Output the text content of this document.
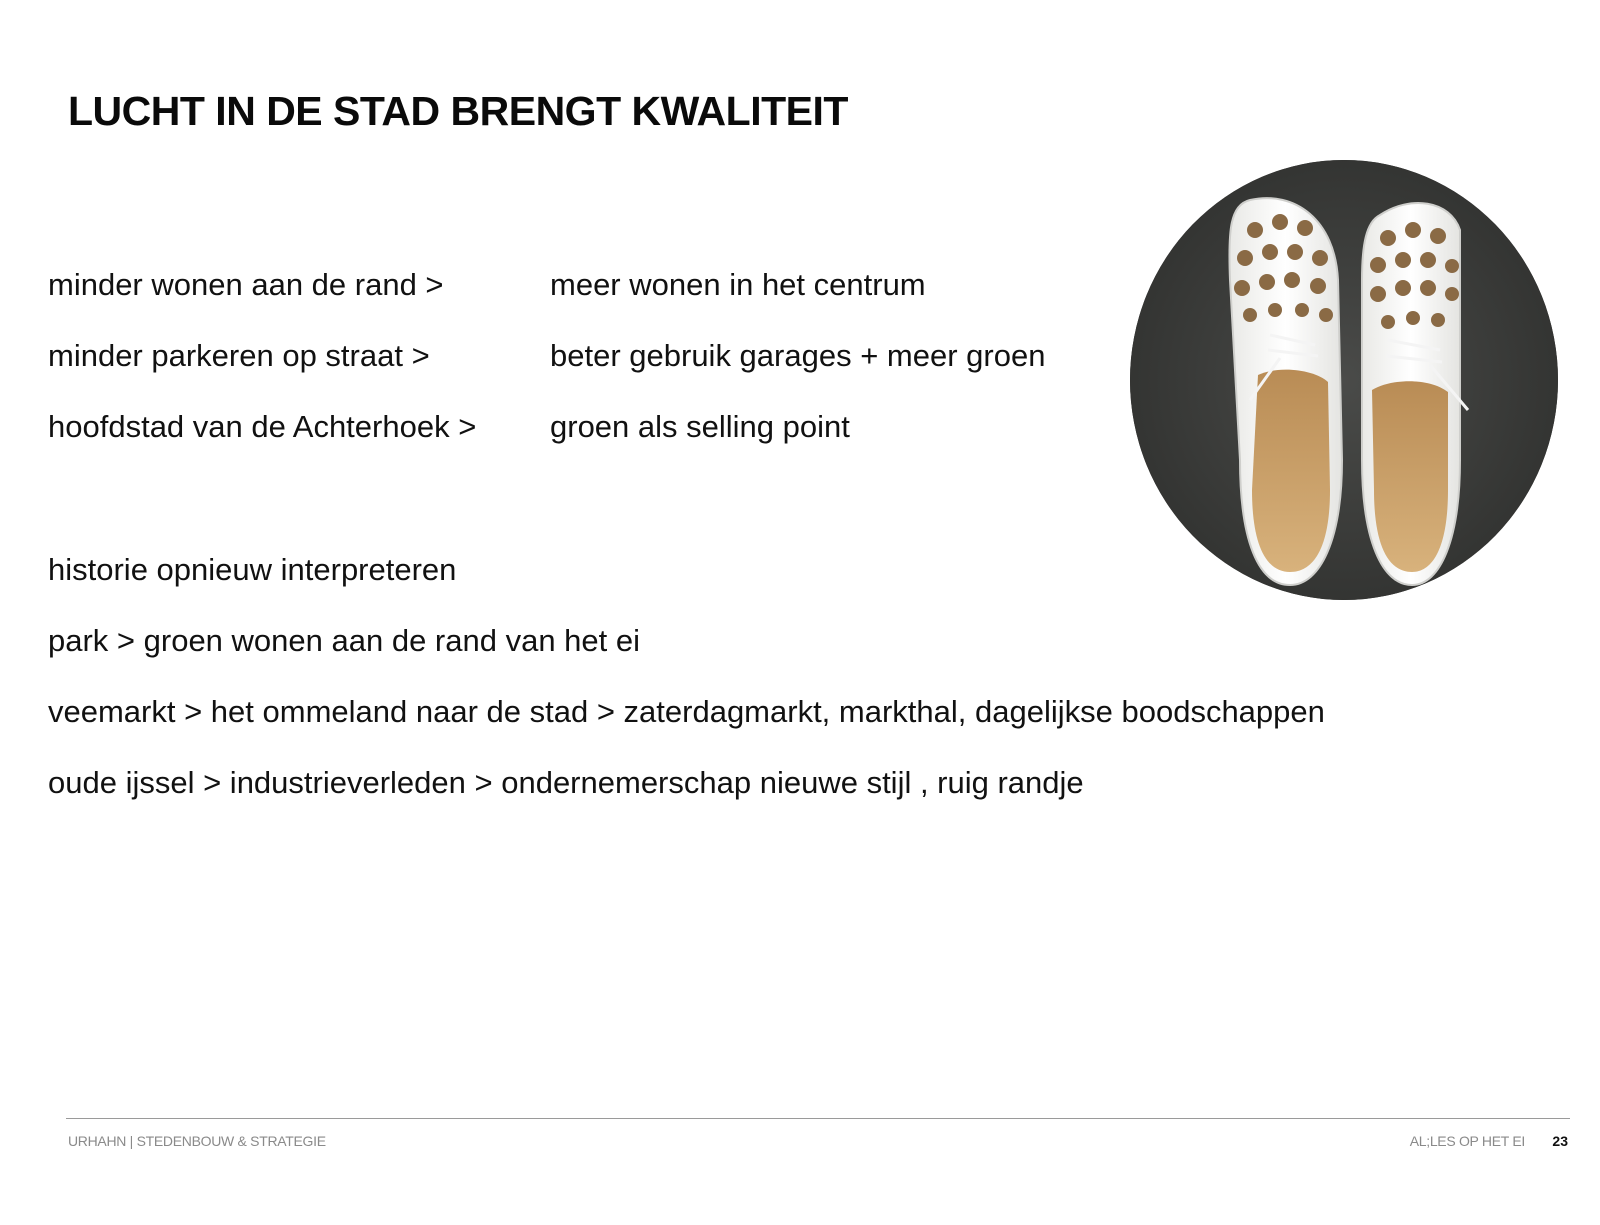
LUCHT IN DE STAD BRENGT KWALITEIT
minder wonen aan de rand >	meer wonen in het centrum
minder parkeren op straat >	beter gebruik garages + meer groen
hoofdstad van de Achterhoek > groen als selling point
historie opnieuw interpreteren
park > groen wonen aan de rand van het ei
veemarkt > het ommeland naar de stad > zaterdagmarkt, markthal, dagelijkse boodschappen
oude ijssel > industrieverleden > ondernemerschap nieuwe stijl , ruig randje
URHAHN | STEDENBOUW & STRATEGIE	AL;LES OP HET EI 23
